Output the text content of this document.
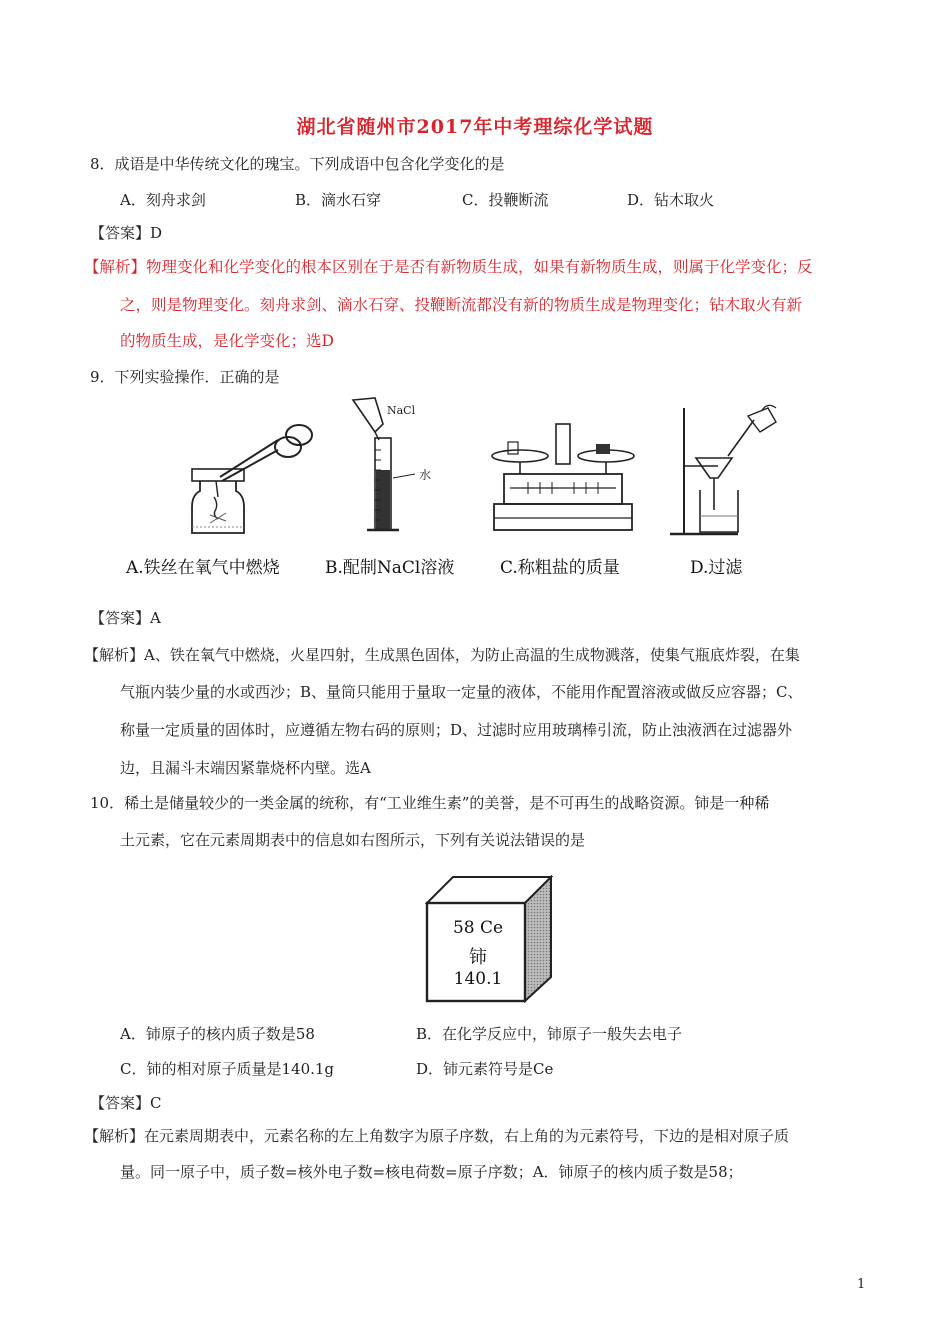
湖北省随州市2017年中考理综化学试题
8．成语是中华传统文化的瑰宝。下列成语中包含化学变化的是
A．刻舟求剑	B．滴水石穿	C．投鞭断流	D．钻木取火
【答案】D
【解析】物理变化和化学变化的根本区别在于是否有新物质生成，如果有新物质生成，则属于化学变化；反
之，则是物理变化。刻舟求剑、滴水石穿、投鞭断流都没有新的物质生成是物理变化；钻木取火有新
的物质生成，是化学变化；选D
9．下列实验操作．正确的是
NaCl
水
A.铁丝在氧气中燃烧	B.配制NaCl溶液	C.称粗盐的质量	D.过滤
【答案】A
【解析】A、铁在氧气中燃烧，火星四射，生成黑色固体，为防止高温的生成物溅落，使集气瓶底炸裂，在集
气瓶内装少量的水或西沙；B、量筒只能用于量取一定量的液体，不能用作配置溶液或做反应容器；C、
称量一定质量的固体时，应遵循左物右码的原则；D、过滤时应用玻璃棒引流，防止浊液洒在过滤器外
边，且漏斗末端因紧靠烧杯内壁。选A
10．稀土是储量较少的一类金属的统称，有“工业维生素”的美誉，是不可再生的战略资源。铈是一种稀
土元素，它在元素周期表中的信息如右图所示，下列有关说法错误的是
58 Ce
铈
140.1
A．铈原子的核内质子数是58	B．在化学反应中，铈原子一般失去电子
C．铈的相对原子质量是140.1g	D．铈元素符号是Ce
【答案】C
【解析】在元素周期表中，元素名称的左上角数字为原子序数，右上角的为元素符号，下边的是相对原子质
量。同一原子中，质子数=核外电子数=核电荷数=原子序数；A．铈原子的核内质子数是58；
1
